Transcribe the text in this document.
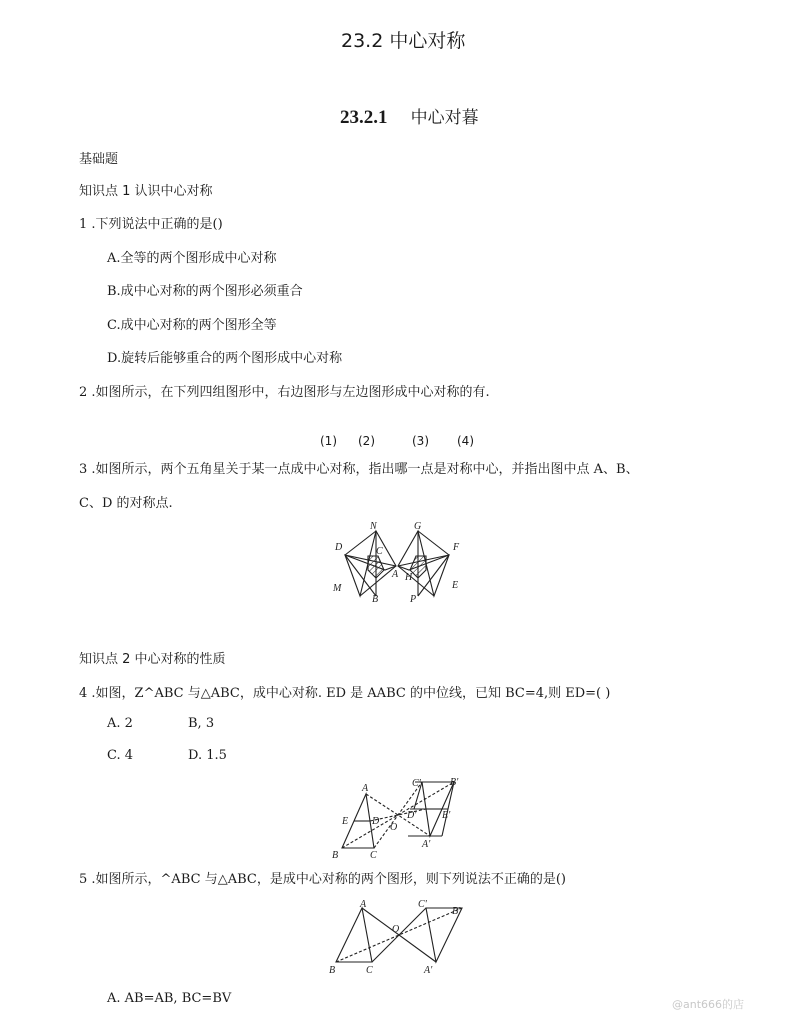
23.2 中心对称
23.2.1 中心对暮
基础题
知识点 1 认识中心对称
1 .下列说法中正确的是()
A.全等的两个图形成中心对称
B.成中心对称的两个图形必须重合
C.成中心对称的两个图形全等
D.旋转后能够重合的两个图形成中心对称
2 .如图所示，在下列四组图形中，右边图形与左边图形成中心对称的有.
(1) (2)	(3) (4)
3 .如图所示，两个五角星关于某一点成中心对称，指出哪一点是对称中心，并指出图中点 A、B、
C、D 的对称点.
N	G
D	C	F
A H
M	E
B	P
知识点 2 中心对称的性质
4 .如图，Z^ABC 与△ABC，成中心对称. ED 是 AABC 的中位线，已知 BC=4,则 ED=( )
A. 2	B, 3
C. 4	D. 1.5
A	C'	B'
E D
D'
O
E'
B	C
A'
5 .如图所示，^ABC 与△ABC，是成中心对称的两个图形，则下列说法不正确的是()
A	C'
B'
O
B	C	A'
A. AB=AB, BC=BV	@ant666的店
